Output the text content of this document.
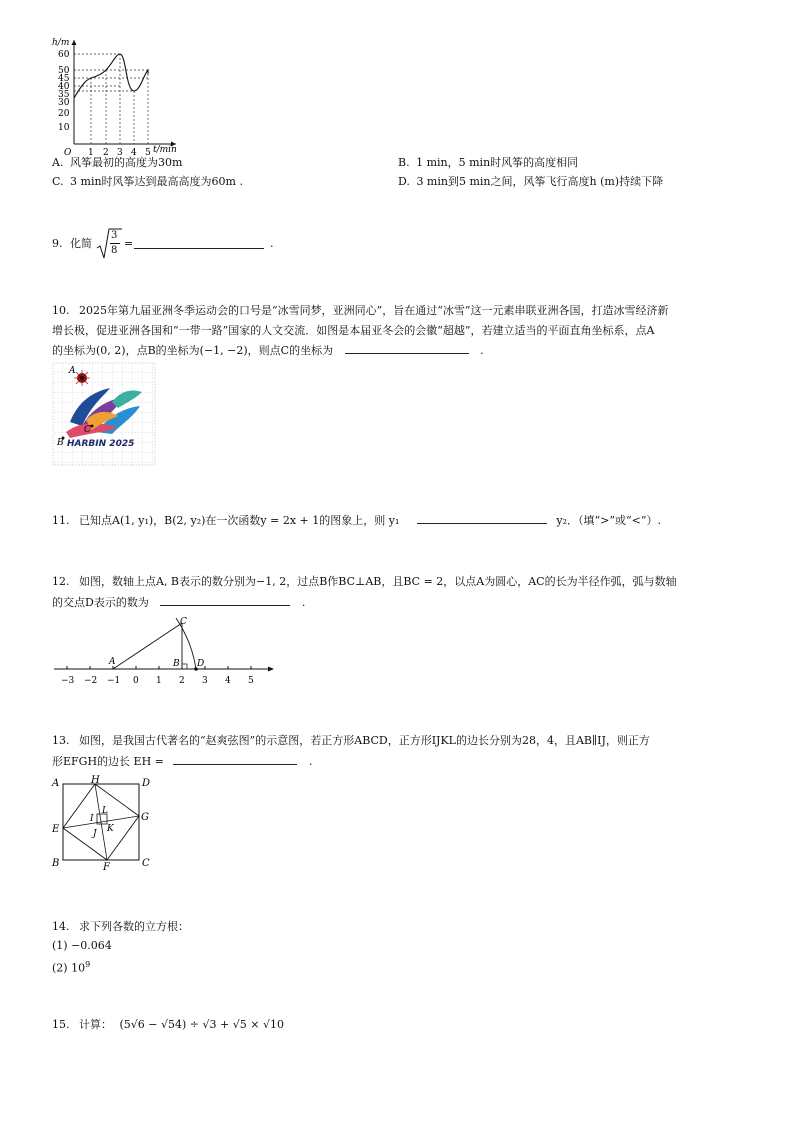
h/m
60
50
45
40
35
30
20
10
O 1 2 3 4 5 t/min
A. 风筝最初的高度为30m	B. 1 min，5 min时风筝的高度相同
C. 3 min时风筝达到最高高度为60m .	D. 3 min到5 min之间，风筝飞行高度h (m)持续下降
9. 化简
3
8
=	.
10. 2025年第九届亚洲冬季运动会的口号是“冰雪同梦，亚洲同心”，旨在通过“冰雪”这一元素串联亚洲各国，打造冰雪经济新
增长极，促进亚洲各国和“一带一路”国家的人文交流．如图是本届亚冬会的会徽“超越”，若建立适当的平面直角坐标系，点A
的坐标为(0, 2)，点B的坐标为(−1, −2)，则点C的坐标为	.
A
C
B HARBIN 2025
11. 已知点A(1, y₁)，B(2, y₂)在一次函数y = 2x + 1的图象上，则 y₁	y₂．（填“>”或“<”）.
12. 如图，数轴上点A, B表示的数分别为−1, 2，过点B作BC⊥AB，且BC = 2，以点A为圆心，AC的长为半径作弧，弧与数轴
的交点D表示的数为	.
A	B
C
D
−3 −2 −1 0 1 2 3 4 5
13. 如图，是我国古代著名的“赵爽弦图”的示意图，若正方形ABCD，正方形IJKL的边长分别为28，4，且AB∥IJ，则正方
形EFGH的边长 EH =	.
A	D
B	C
H
G
F
E
L
I
K
J
14. 求下列各数的立方根：
(1) −0.064
(2) $10^9$
15. 计算： (5√6 − √54) ÷ √3 + √5 × √10
